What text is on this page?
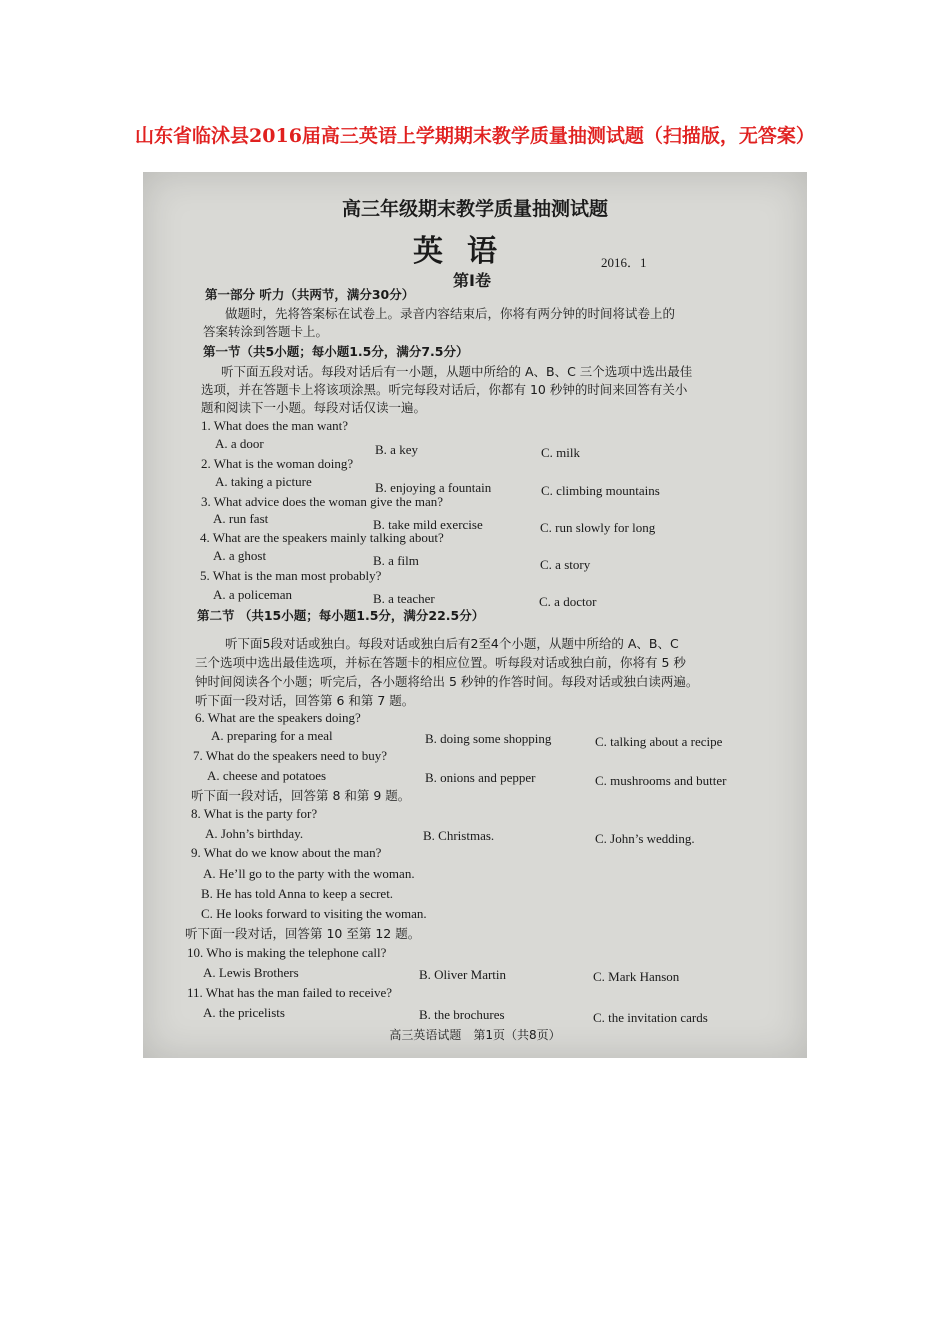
山东省临沭县2016届高三英语上学期期末教学质量抽测试题（扫描版，无答案）
高三年级期末教学质量抽测试题
英语	2016．1
第Ⅰ卷
第一部分 听力（共两节，满分30分）
做题时，先将答案标在试卷上。录音内容结束后，你将有两分钟的时间将试卷上的
答案转涂到答题卡上。
第一节（共5小题；每小题1.5分，满分7.5分）
听下面五段对话。每段对话后有一小题，从题中所给的 A、B、C 三个选项中选出最佳
选项，并在答题卡上将该项涂黑。听完每段对话后，你都有 10 秒钟的时间来回答有关小
题和阅读下一小题。每段对话仅读一遍。
1. What does the man want?
A. a door	B. a key	C. milk
2. What is the woman doing?
A. taking a picture	B. enjoying a fountain	C. climbing mountains
3. What advice does the woman give the man?
A. run fast	B. take mild exercise	C. run slowly for long
4. What are the speakers mainly talking about?
A. a ghost	B. a film	C. a story
5. What is the man most probably?
A. a policeman	B. a teacher	C. a doctor
第二节 （共15小题；每小题1.5分，满分22.5分）
听下面5段对话或独白。每段对话或独白后有2至4个小题，从题中所给的 A、B、C
三个选项中选出最佳选项，并标在答题卡的相应位置。听每段对话或独白前，你将有 5 秒
钟时间阅读各个小题；听完后，各小题将给出 5 秒钟的作答时间。每段对话或独白读两遍。
听下面一段对话，回答第 6 和第 7 题。
6. What are the speakers doing?
A. preparing for a meal	B. doing some shopping	C. talking about a recipe
7. What do the speakers need to buy?
A. cheese and potatoes	B. onions and pepper	C. mushrooms and butter
听下面一段对话，回答第 8 和第 9 题。
8. What is the party for?
A. John’s birthday.	B. Christmas.	C. John’s wedding.
9. What do we know about the man?
A. He’ll go to the party with the woman.
B. He has told Anna to keep a secret.
C. He looks forward to visiting the woman.
听下面一段对话，回答第 10 至第 12 题。
10. Who is making the telephone call?
A. Lewis Brothers	B. Oliver Martin	C. Mark Hanson
11. What has the man failed to receive?
A. the pricelists	B. the brochures	C. the invitation cards
高三英语试题　第1页（共8页）
